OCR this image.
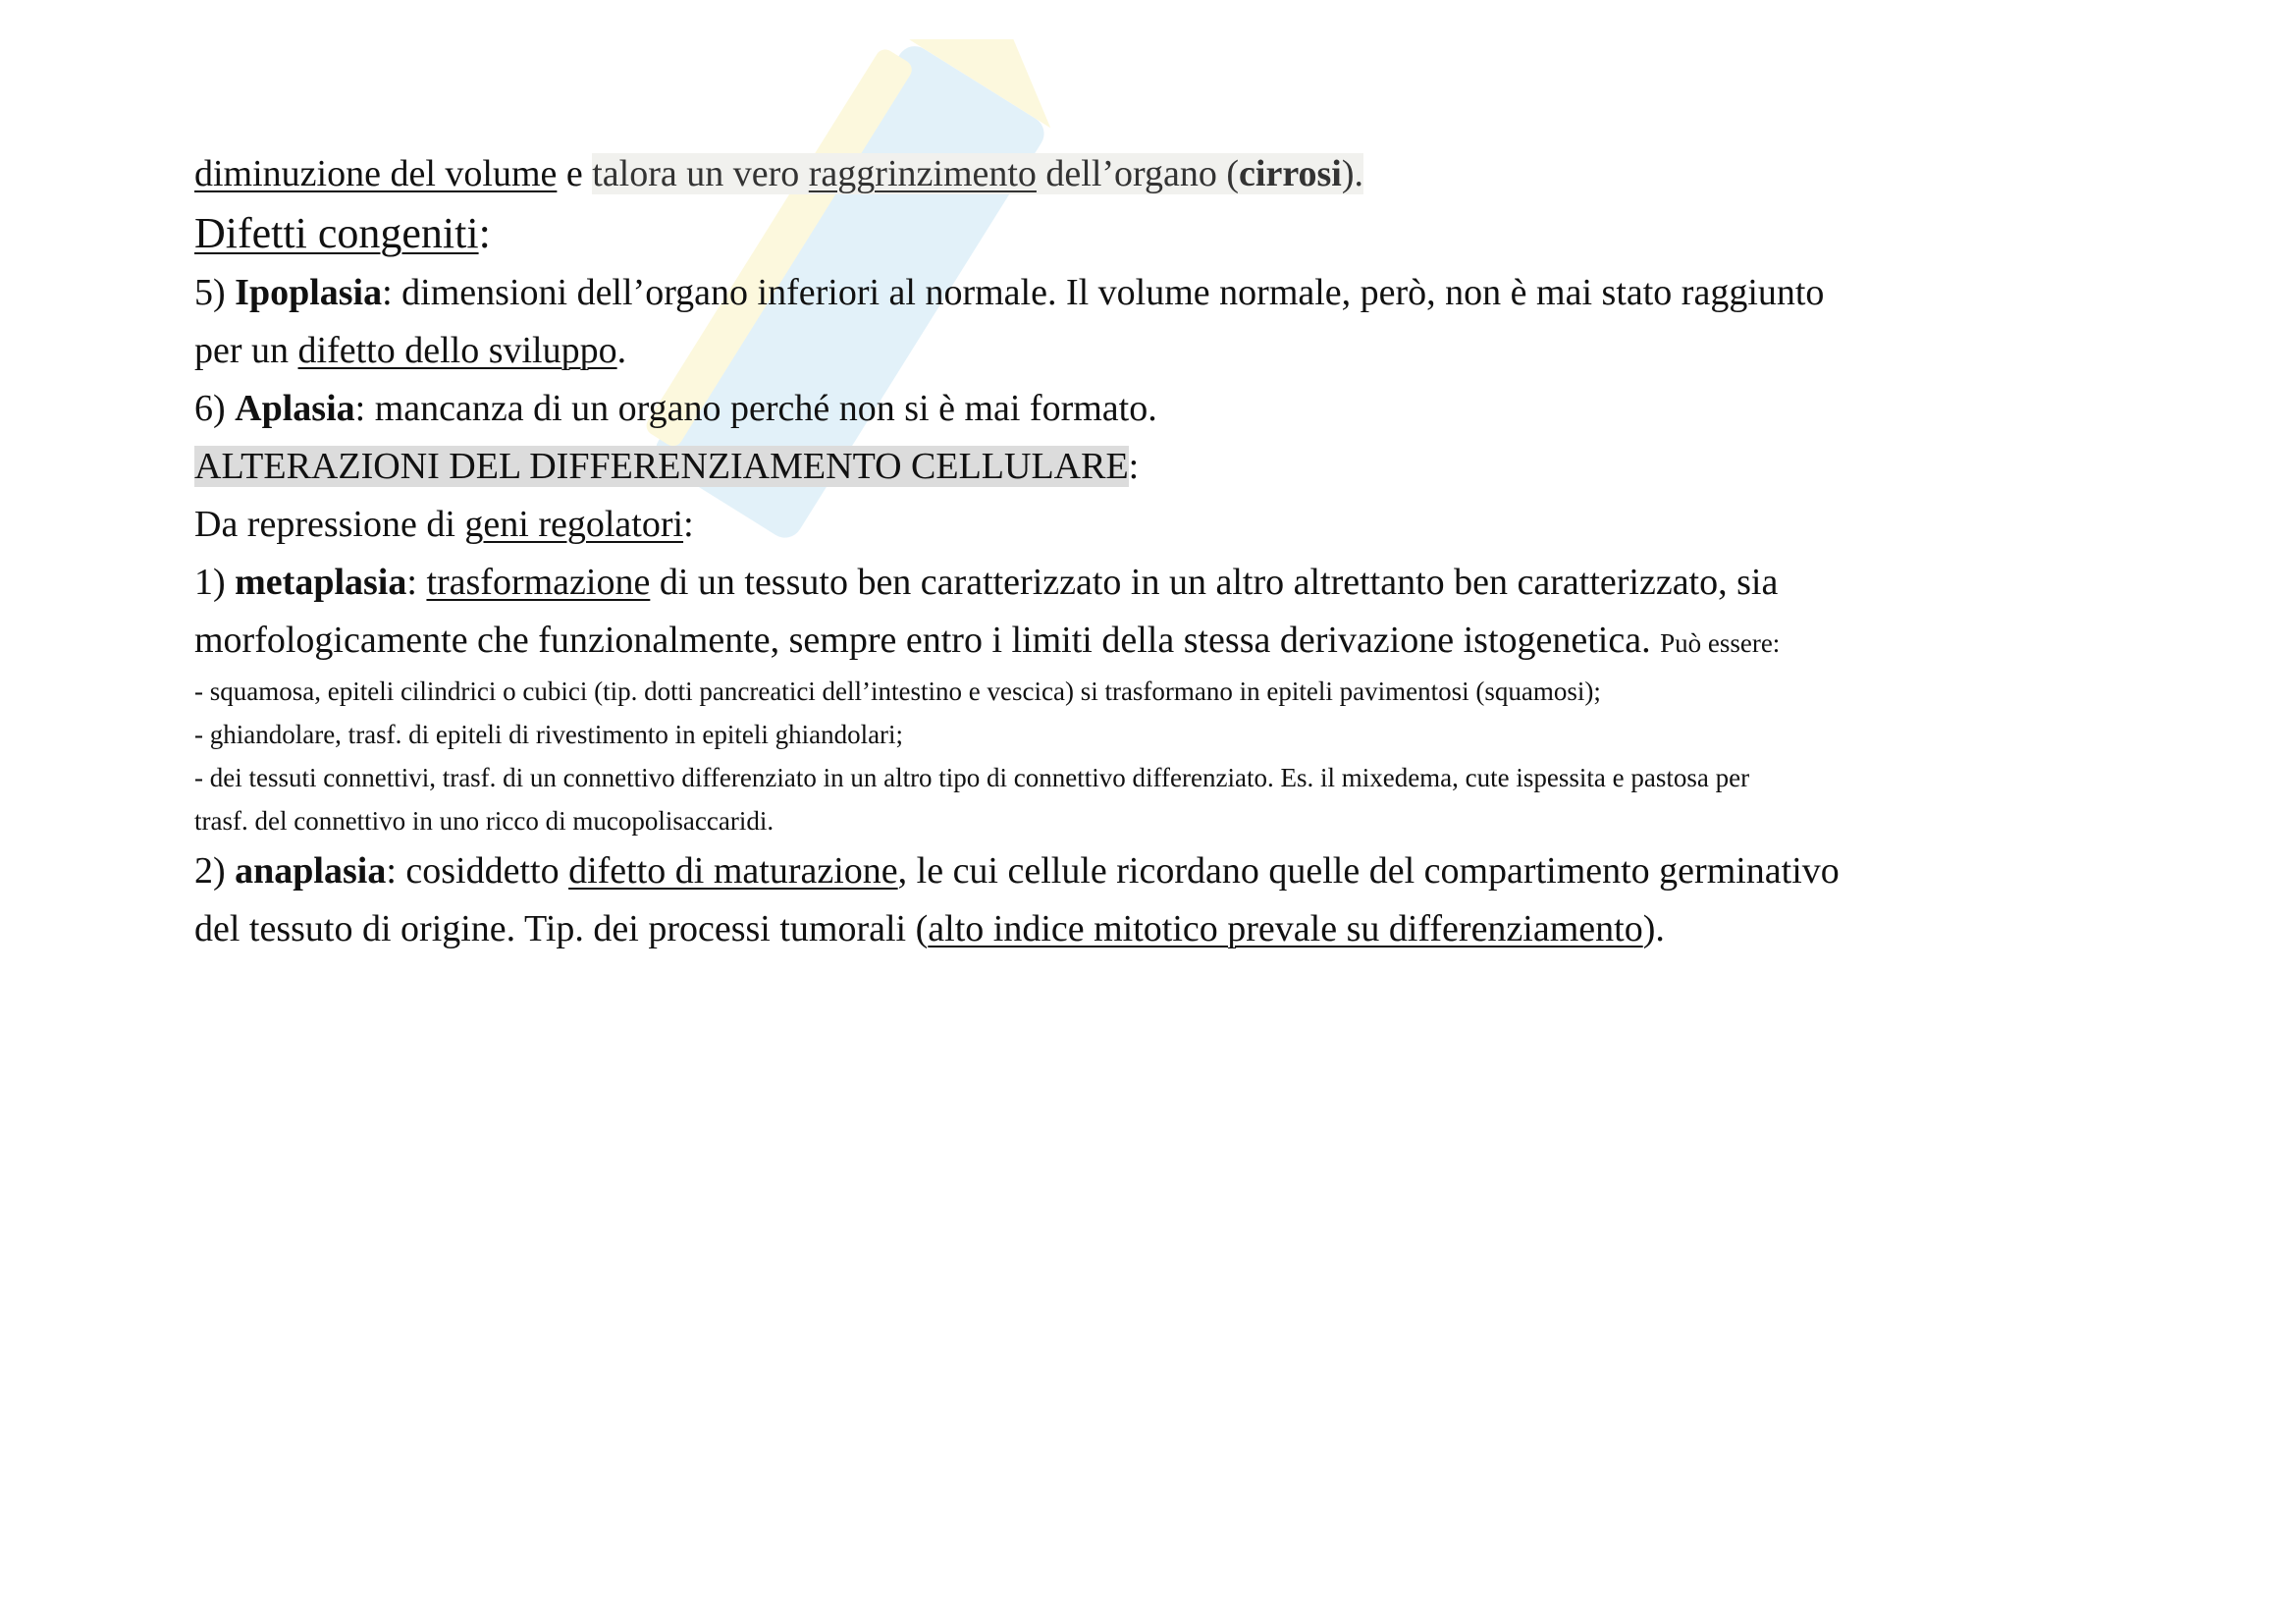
diminuzione del volume e talora un vero raggrinzimento dell’organo (cirrosi).

Difetti congeniti:

5) Ipoplasia: dimensioni dell’organo inferiori al normale. Il volume normale, però, non è mai stato raggiunto

per un difetto dello sviluppo.

6) Aplasia: mancanza di un organo perché non si è mai formato.

ALTERAZIONI DEL DIFFERENZIAMENTO CELLULARE:

Da repressione di geni regolatori:

1) metaplasia: trasformazione di un tessuto ben caratterizzato in un altro altrettanto ben caratterizzato, sia

morfologicamente che funzionalmente, sempre entro i limiti della stessa derivazione istogenetica. Può essere:

- squamosa, epiteli cilindrici o cubici (tip. dotti pancreatici dell’intestino e vescica) si trasformano in epiteli pavimentosi (squamosi);

- ghiandolare, trasf. di epiteli di rivestimento in epiteli ghiandolari;

- dei tessuti connettivi, trasf. di un connettivo differenziato in un altro tipo di connettivo differenziato. Es. il mixedema, cute ispessita e pastosa per

trasf. del connettivo in uno ricco di mucopolisaccaridi.

2) anaplasia: cosiddetto difetto di maturazione, le cui cellule ricordano quelle del compartimento germinativo

del tessuto di origine. Tip. dei processi tumorali (alto indice mitotico prevale su differenziamento).
